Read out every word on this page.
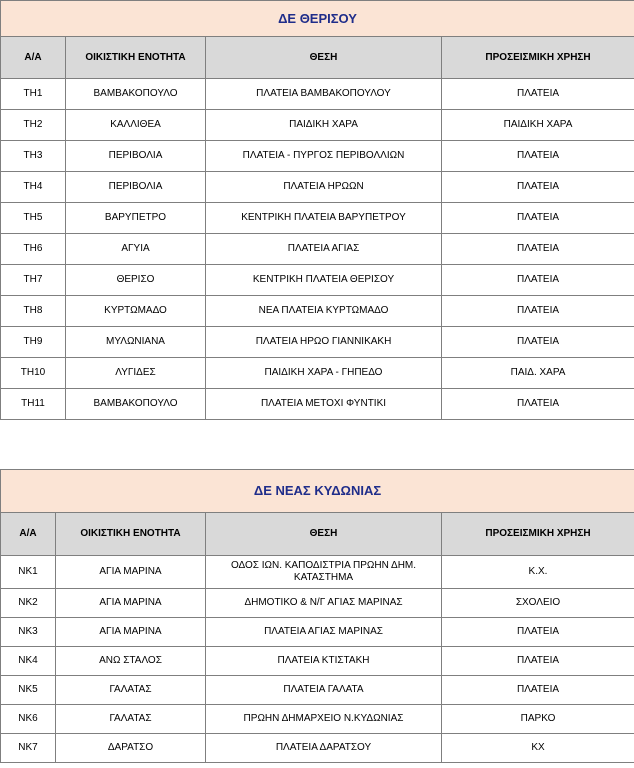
ΔΕ ΘΕΡΙΣΟΥ			
Α/Α	ΟΙΚΙΣΤΙΚΗ ΕΝΟΤΗΤΑ	ΘΕΣΗ	ΠΡΟΣΕΙΣΜΙΚΗ ΧΡΗΣΗ
ΤΗ1	ΒΑΜΒΑΚΟΠΟΥΛΟ	ΠΛΑΤΕΙΑ ΒΑΜΒΑΚΟΠΟΥΛΟΥ	ΠΛΑΤΕΙΑ
ΤΗ2	ΚΑΛΛΙΘΕΑ	ΠΑΙΔΙΚΗ ΧΑΡΑ	ΠΑΙΔΙΚΗ ΧΑΡΑ
ΤΗ3	ΠΕΡΙΒΟΛΙΑ	ΠΛΑΤΕΙΑ - ΠΥΡΓΟΣ ΠΕΡΙΒΟΛΛΙΩΝ	ΠΛΑΤΕΙΑ
ΤΗ4	ΠΕΡΙΒΟΛΙΑ	ΠΛΑΤΕΙΑ ΗΡΩΩΝ	ΠΛΑΤΕΙΑ
ΤΗ5	ΒΑΡΥΠΕΤΡΟ	ΚΕΝΤΡΙΚΗ ΠΛΑΤΕΙΑ ΒΑΡΥΠΕΤΡΟΥ	ΠΛΑΤΕΙΑ
ΤΗ6	ΑΓΥΙΑ	ΠΛΑΤΕΙΑ ΑΓΙΑΣ	ΠΛΑΤΕΙΑ
ΤΗ7	ΘΕΡΙΣΟ	ΚΕΝΤΡΙΚΗ ΠΛΑΤΕΙΑ ΘΕΡΙΣΟΥ	ΠΛΑΤΕΙΑ
ΤΗ8	ΚΥΡΤΩΜΑΔΟ	ΝΕΑ ΠΛΑΤΕΙΑ ΚΥΡΤΩΜΑΔΟ	ΠΛΑΤΕΙΑ
ΤΗ9	ΜΥΛΩΝΙΑΝΑ	ΠΛΑΤΕΙΑ ΗΡΩΟ ΓΙΑΝΝΙΚΑΚΗ	ΠΛΑΤΕΙΑ
ΤΗ10	ΛΥΓΙΔΕΣ	ΠΑΙΔΙΚΗ ΧΑΡΑ - ΓΗΠΕΔΟ	ΠΑΙΔ. ΧΑΡΑ
ΤΗ11	ΒΑΜΒΑΚΟΠΟΥΛΟ	ΠΛΑΤΕΙΑ ΜΕΤΟΧΙ ΦΥΝΤΙΚΙ	ΠΛΑΤΕΙΑ
ΔΕ ΝΕΑΣ ΚΥΔΩΝΙΑΣ			
Α/Α	ΟΙΚΙΣΤΙΚΗ ΕΝΟΤΗΤΑ	ΘΕΣΗ	ΠΡΟΣΕΙΣΜΙΚΗ ΧΡΗΣΗ
ΝΚ1	ΑΓΙΑ ΜΑΡΙΝΑ	ΟΔΟΣ ΙΩΝ. ΚΑΠΟΔΙΣΤΡΙΑ ΠΡΩΗΝ ΔΗΜ. ΚΑΤΑΣΤΗΜΑ	Κ.Χ.
ΝΚ2	ΑΓΙΑ ΜΑΡΙΝΑ	ΔΗΜΟΤΙΚΟ & Ν/Γ ΑΓΙΑΣ ΜΑΡΙΝΑΣ	ΣΧΟΛΕΙΟ
ΝΚ3	ΑΓΙΑ ΜΑΡΙΝΑ	ΠΛΑΤΕΙΑ ΑΓΙΑΣ ΜΑΡΙΝΑΣ	ΠΛΑΤΕΙΑ
ΝΚ4	ΑΝΩ ΣΤΑΛΟΣ	ΠΛΑΤΕΙΑ ΚΤΙΣΤΑΚΗ	ΠΛΑΤΕΙΑ
ΝΚ5	ΓΑΛΑΤΑΣ	ΠΛΑΤΕΙΑ ΓΑΛΑΤΑ	ΠΛΑΤΕΙΑ
ΝΚ6	ΓΑΛΑΤΑΣ	ΠΡΩΗΝ ΔΗΜΑΡΧΕΙΟ Ν.ΚΥΔΩΝΙΑΣ	ΠΑΡΚΟ
ΝΚ7	ΔΑΡΑΤΣΟ	ΠΛΑΤΕΙΑ ΔΑΡΑΤΣΟΥ	ΚΧ
